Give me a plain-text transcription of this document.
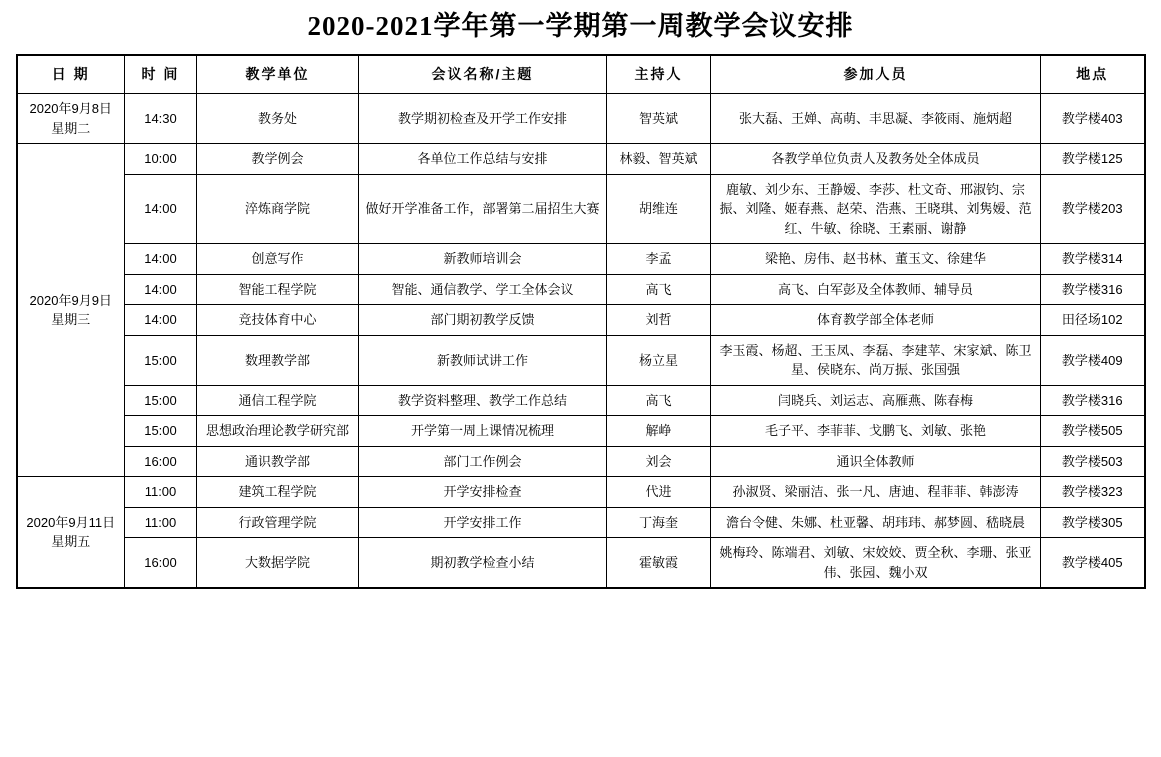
2020-2021学年第一学期第一周教学会议安排
日 期	时 间	教学单位	会议名称/主题	主持人	参加人员	地点
2020年9月8日
星期二	14:30	教务处	教学期初检查及开学工作安排	智英斌	张大磊、王婵、高萌、丰思凝、李筱雨、施炳超	教学楼403
2020年9月9日
星期三	10:00	教学例会	各单位工作总结与安排	林毅、智英斌	各教学单位负责人及教务处全体成员	教学楼125
	14:00	淬炼商学院	做好开学准备工作，部署第二届招生大赛	胡维连	鹿敏、刘少东、王静嫒、李莎、杜文奇、邢淑钧、宗振、刘隆、姬春燕、赵荣、浩燕、王晓琪、刘隽嫒、范红、牛敏、徐晓、王素丽、谢静	教学楼203
	14:00	创意写作	新教师培训会	李孟	梁艳、房伟、赵书林、董玉文、徐建华	教学楼314
	14:00	智能工程学院	智能、通信教学、学工全体会议	高飞	高飞、白军彭及全体教师、辅导员	教学楼316
	14:00	竞技体育中心	部门期初教学反馈	刘哲	体育教学部全体老师	田径场102
	15:00	数理教学部	新教师试讲工作	杨立星	李玉霞、杨超、王玉凤、李磊、李建苹、宋家斌、陈卫星、侯晓东、尚万振、张国强	教学楼409
	15:00	通信工程学院	教学资料整理、教学工作总结	高飞	闫晓兵、刘运志、高雁燕、陈春梅	教学楼316
	15:00	思想政治理论教学研究部	开学第一周上课情况梳理	解峥	毛子平、李菲菲、戈鹏飞、刘敏、张艳	教学楼505
	16:00	通识教学部	部门工作例会	刘会	通识全体教师	教学楼503
2020年9月11日
星期五	11:00	建筑工程学院	开学安排检查	代进	孙淑贤、梁丽洁、张一凡、唐迪、程菲菲、韩澎涛	教学楼323
	11:00	行政管理学院	开学安排工作	丁海奎	澹台令健、朱娜、杜亚馨、胡玮玮、郝梦圆、嵇晓晨	教学楼305
	16:00	大数据学院	期初教学检查小结	霍敏霞	姚梅玲、陈端君、刘敏、宋姣姣、贾全秋、李珊、张亚伟、张园、魏小双	教学楼405
